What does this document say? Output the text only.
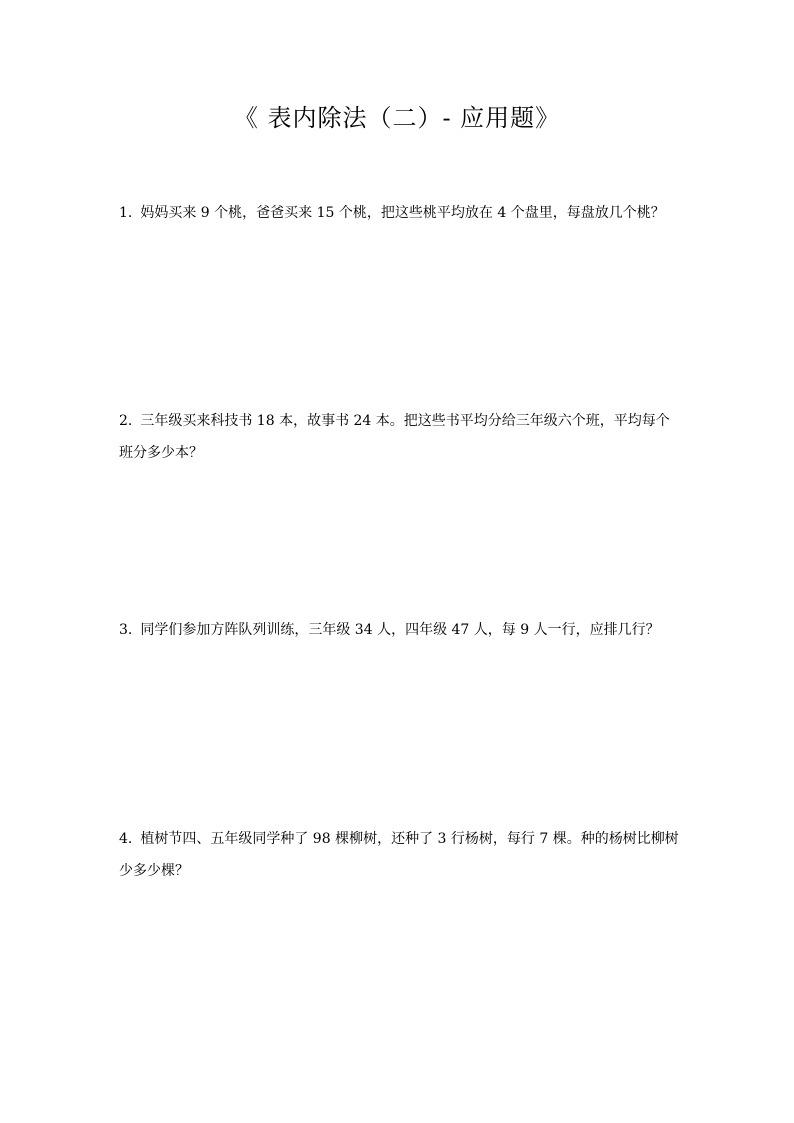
《 表内除法（二）- 应用题》

1. 妈妈买来 9 个桃，爸爸买来 15 个桃，把这些桃平均放在 4 个盘里，每盘放几个桃？

2. 三年级买来科技书 18 本，故事书 24 本。把这些书平均分给三年级六个班，平均每个班分多少本？

3. 同学们参加方阵队列训练，三年级 34 人，四年级 47 人，每 9 人一行，应排几行？

4. 植树节四、五年级同学种了 98 棵柳树，还种了 3 行杨树，每行 7 棵。种的杨树比柳树少多少棵？
